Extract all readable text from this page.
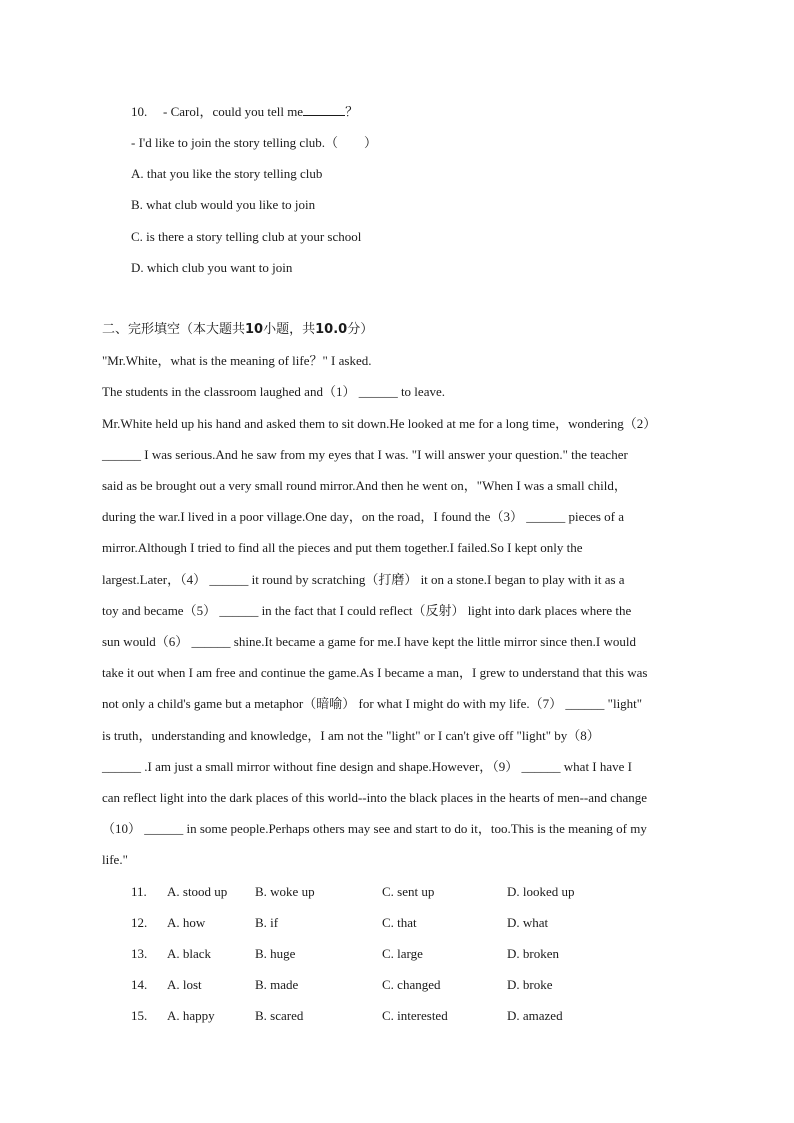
10. - Carol，could you tell me	？
- I'd like to join the story telling club.（　　）
A. that you like the story telling club
B. what club would you like to join
C. is there a story telling club at your school
D. which club you want to join
二、完形填空（本大题共10小题，共10.0分）
"Mr.White，what is the meaning of life？" I asked.
The students in the classroom laughed and（1） ______ to leave.
Mr.White held up his hand and asked them to sit down.He looked at me for a long time，wondering（2）
______ I was serious.And he saw from my eyes that I was. "I will answer your question." the teacher
said as be brought out a very small round mirror.And then he went on，"When I was a small child，
during the war.I lived in a poor village.One day，on the road，I found the（3） ______ pieces of a
mirror.Although I tried to find all the pieces and put them together.I failed.So I kept only the
largest.Later，（4） ______ it round by scratching（打磨） it on a stone.I began to play with it as a
toy and became（5） ______ in the fact that I could reflect（反射） light into dark places where the
sun would（6） ______ shine.It became a game for me.I have kept the little mirror since then.I would
take it out when I am free and continue the game.As I became a man，I grew to understand that this was
not only a child's game but a metaphor（暗喻） for what I might do with my life.（7） ______ "light"
is truth，understanding and knowledge，I am not the "light" or I can't give off "light" by（8）
______ .I am just a small mirror without fine design and shape.However，（9） ______ what I have I
can reflect light into the dark places of this world--into the black places in the hearts of men--and change
（10） ______ in some people.Perhaps others may see and start to do it，too.This is the meaning of my
life."
11. A. stood up B. woke up	C. sent up	D. looked up
12. A. how	B. if	C. that	D. what
13. A. black	B. huge	C. large	D. broken
14. A. lost	B. made	C. changed	D. broke
15. A. happy	B. scared	C. interested	D. amazed
